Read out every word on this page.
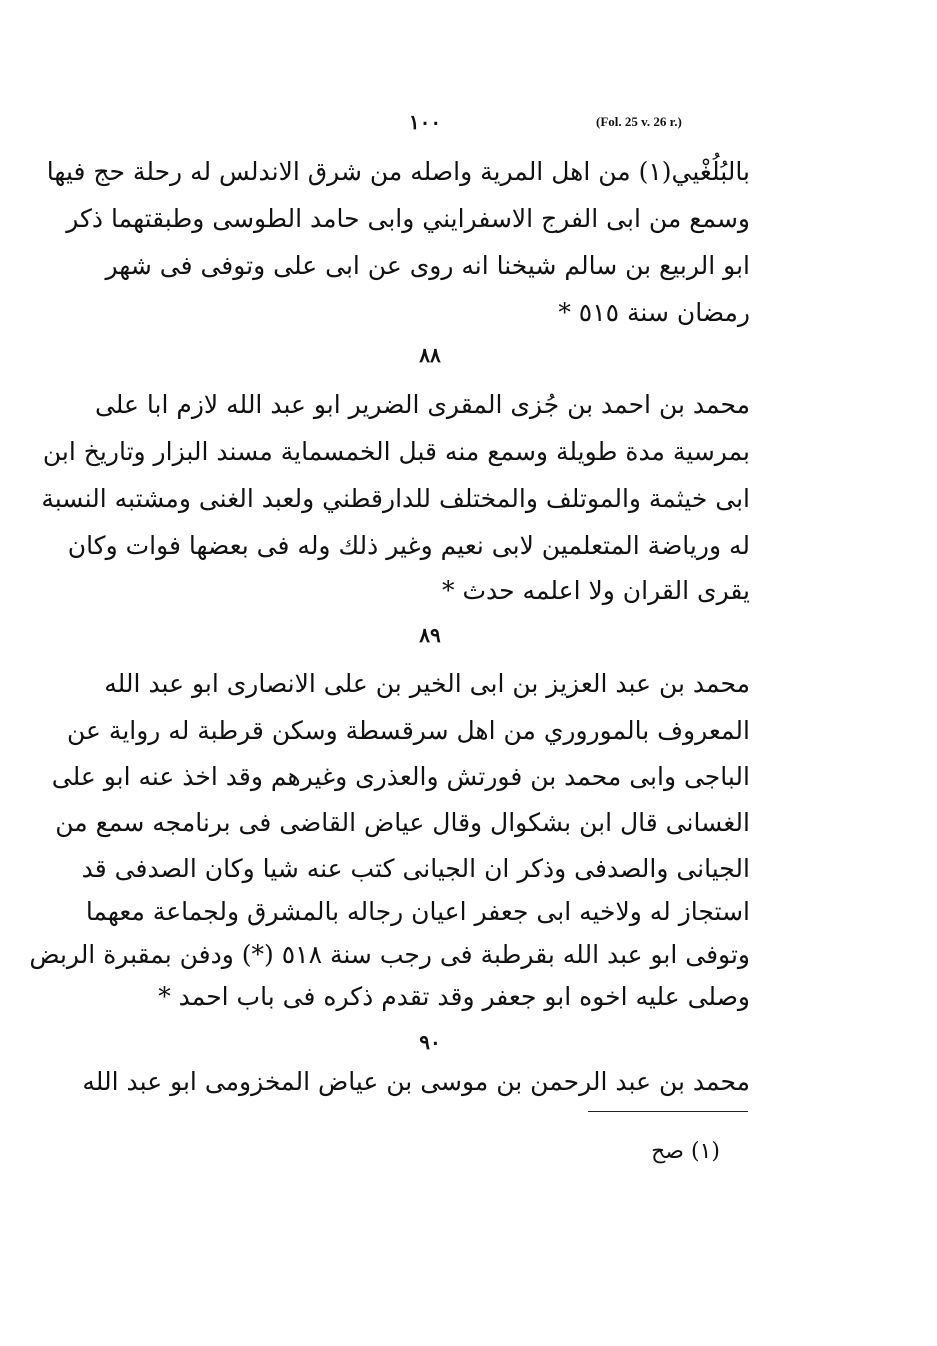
١٠٠	(Fol. 25 v. 26 r.)
بالبُلُغْيي(١) من اهل المرية واصله من شرق الاندلس له رحلة حج فيها
وسمع من ابى الفرج الاسفرايني وابى حامد الطوسى وطبقتهما ذكر
ابو الربيع بن سالم شيخنا انه روى عن ابى على وتوفى فى شهر
رمضان سنة ٥١٥ *
٨٨
محمد بن احمد بن جُزى المقرى الضرير ابو عبد الله لازم ابا على
بمرسية مدة طويلة وسمع منه قبل الخمسماية مسند البزار وتاريخ ابن
ابى خيثمة والموتلف والمختلف للدارقطني ولعبد الغنى ومشتبه النسبة
له ورياضة المتعلمين لابى نعيم وغير ذلك وله فى بعضها فوات وكان
يقرى القران ولا اعلمه حدث *
٨٩
محمد بن عبد العزيز بن ابى الخير بن على الانصارى ابو عبد الله
المعروف بالموروري من اهل سرقسطة وسكن قرطبة له رواية عن
الباجى وابى محمد بن فورتش والعذرى وغيرهم وقد اخذ عنه ابو على
الغسانى قال ابن بشكوال وقال عياض القاضى فى برنامجه سمع من
الجيانى والصدفى وذكر ان الجيانى كتب عنه شيا وكان الصدفى قد
استجاز له ولاخيه ابى جعفر اعيان رجاله بالمشرق ولجماعة معهما
وتوفى ابو عبد الله بقرطبة فى رجب سنة ٥١٨ (*) ودفن بمقبرة الربض
وصلى عليه اخوه ابو جعفر وقد تقدم ذكره فى باب احمد *
٩٠
محمد بن عبد الرحمن بن موسى بن عياض المخزومى ابو عبد الله
(١) صح
